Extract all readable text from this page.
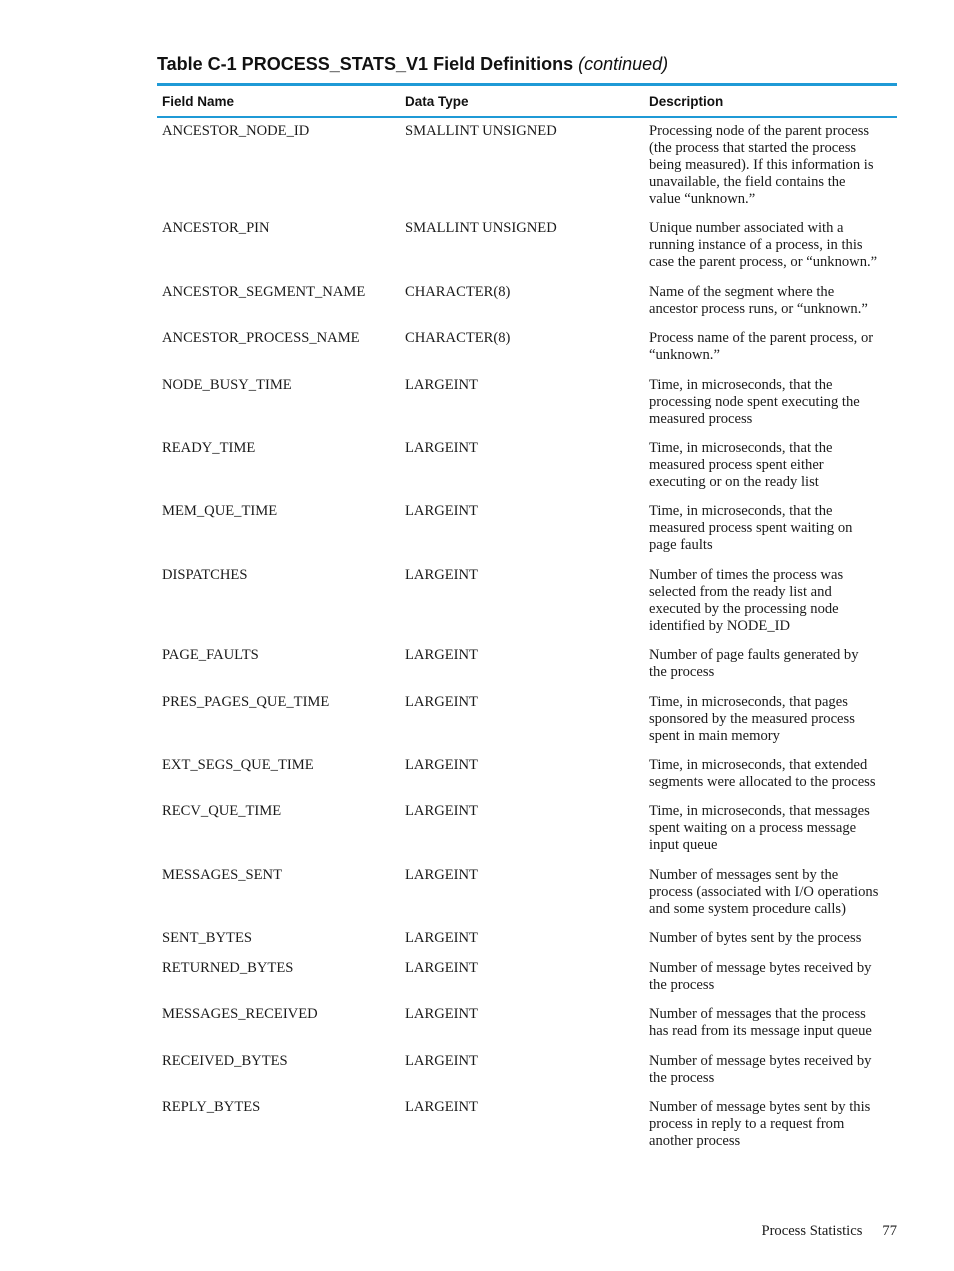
Table C-1 PROCESS_STATS_V1 Field Definitions (continued)
Field Name	Data Type	Description
ANCESTOR_NODE_ID	SMALLINT UNSIGNED	Processing node of the parent process
(the process that started the process
being measured). If this information is
unavailable, the field contains the
value “unknown.”
ANCESTOR_PIN	SMALLINT UNSIGNED	Unique number associated with a
running instance of a process, in this
case the parent process, or “unknown.”
ANCESTOR_SEGMENT_NAME	CHARACTER(8)	Name of the segment where the
ancestor process runs, or “unknown.”
ANCESTOR_PROCESS_NAME	CHARACTER(8)	Process name of the parent process, or
“unknown.”
NODE_BUSY_TIME	LARGEINT	Time, in microseconds, that the
processing node spent executing the
measured process
READY_TIME	LARGEINT	Time, in microseconds, that the
measured process spent either
executing or on the ready list
MEM_QUE_TIME	LARGEINT	Time, in microseconds, that the
measured process spent waiting on
page faults
DISPATCHES	LARGEINT	Number of times the process was
selected from the ready list and
executed by the processing node
identified by NODE_ID
PAGE_FAULTS	LARGEINT	Number of page faults generated by
the process
PRES_PAGES_QUE_TIME	LARGEINT	Time, in microseconds, that pages
sponsored by the measured process
spent in main memory
EXT_SEGS_QUE_TIME	LARGEINT	Time, in microseconds, that extended
segments were allocated to the process
RECV_QUE_TIME	LARGEINT	Time, in microseconds, that messages
spent waiting on a process message
input queue
MESSAGES_SENT	LARGEINT	Number of messages sent by the
process (associated with I/O operations
and some system procedure calls)
SENT_BYTES	LARGEINT	Number of bytes sent by the process
RETURNED_BYTES	LARGEINT	Number of message bytes received by
the process
MESSAGES_RECEIVED	LARGEINT	Number of messages that the process
has read from its message input queue
RECEIVED_BYTES	LARGEINT	Number of message bytes received by
the process
REPLY_BYTES	LARGEINT	Number of message bytes sent by this
process in reply to a request from
another process
Process Statistics 77
